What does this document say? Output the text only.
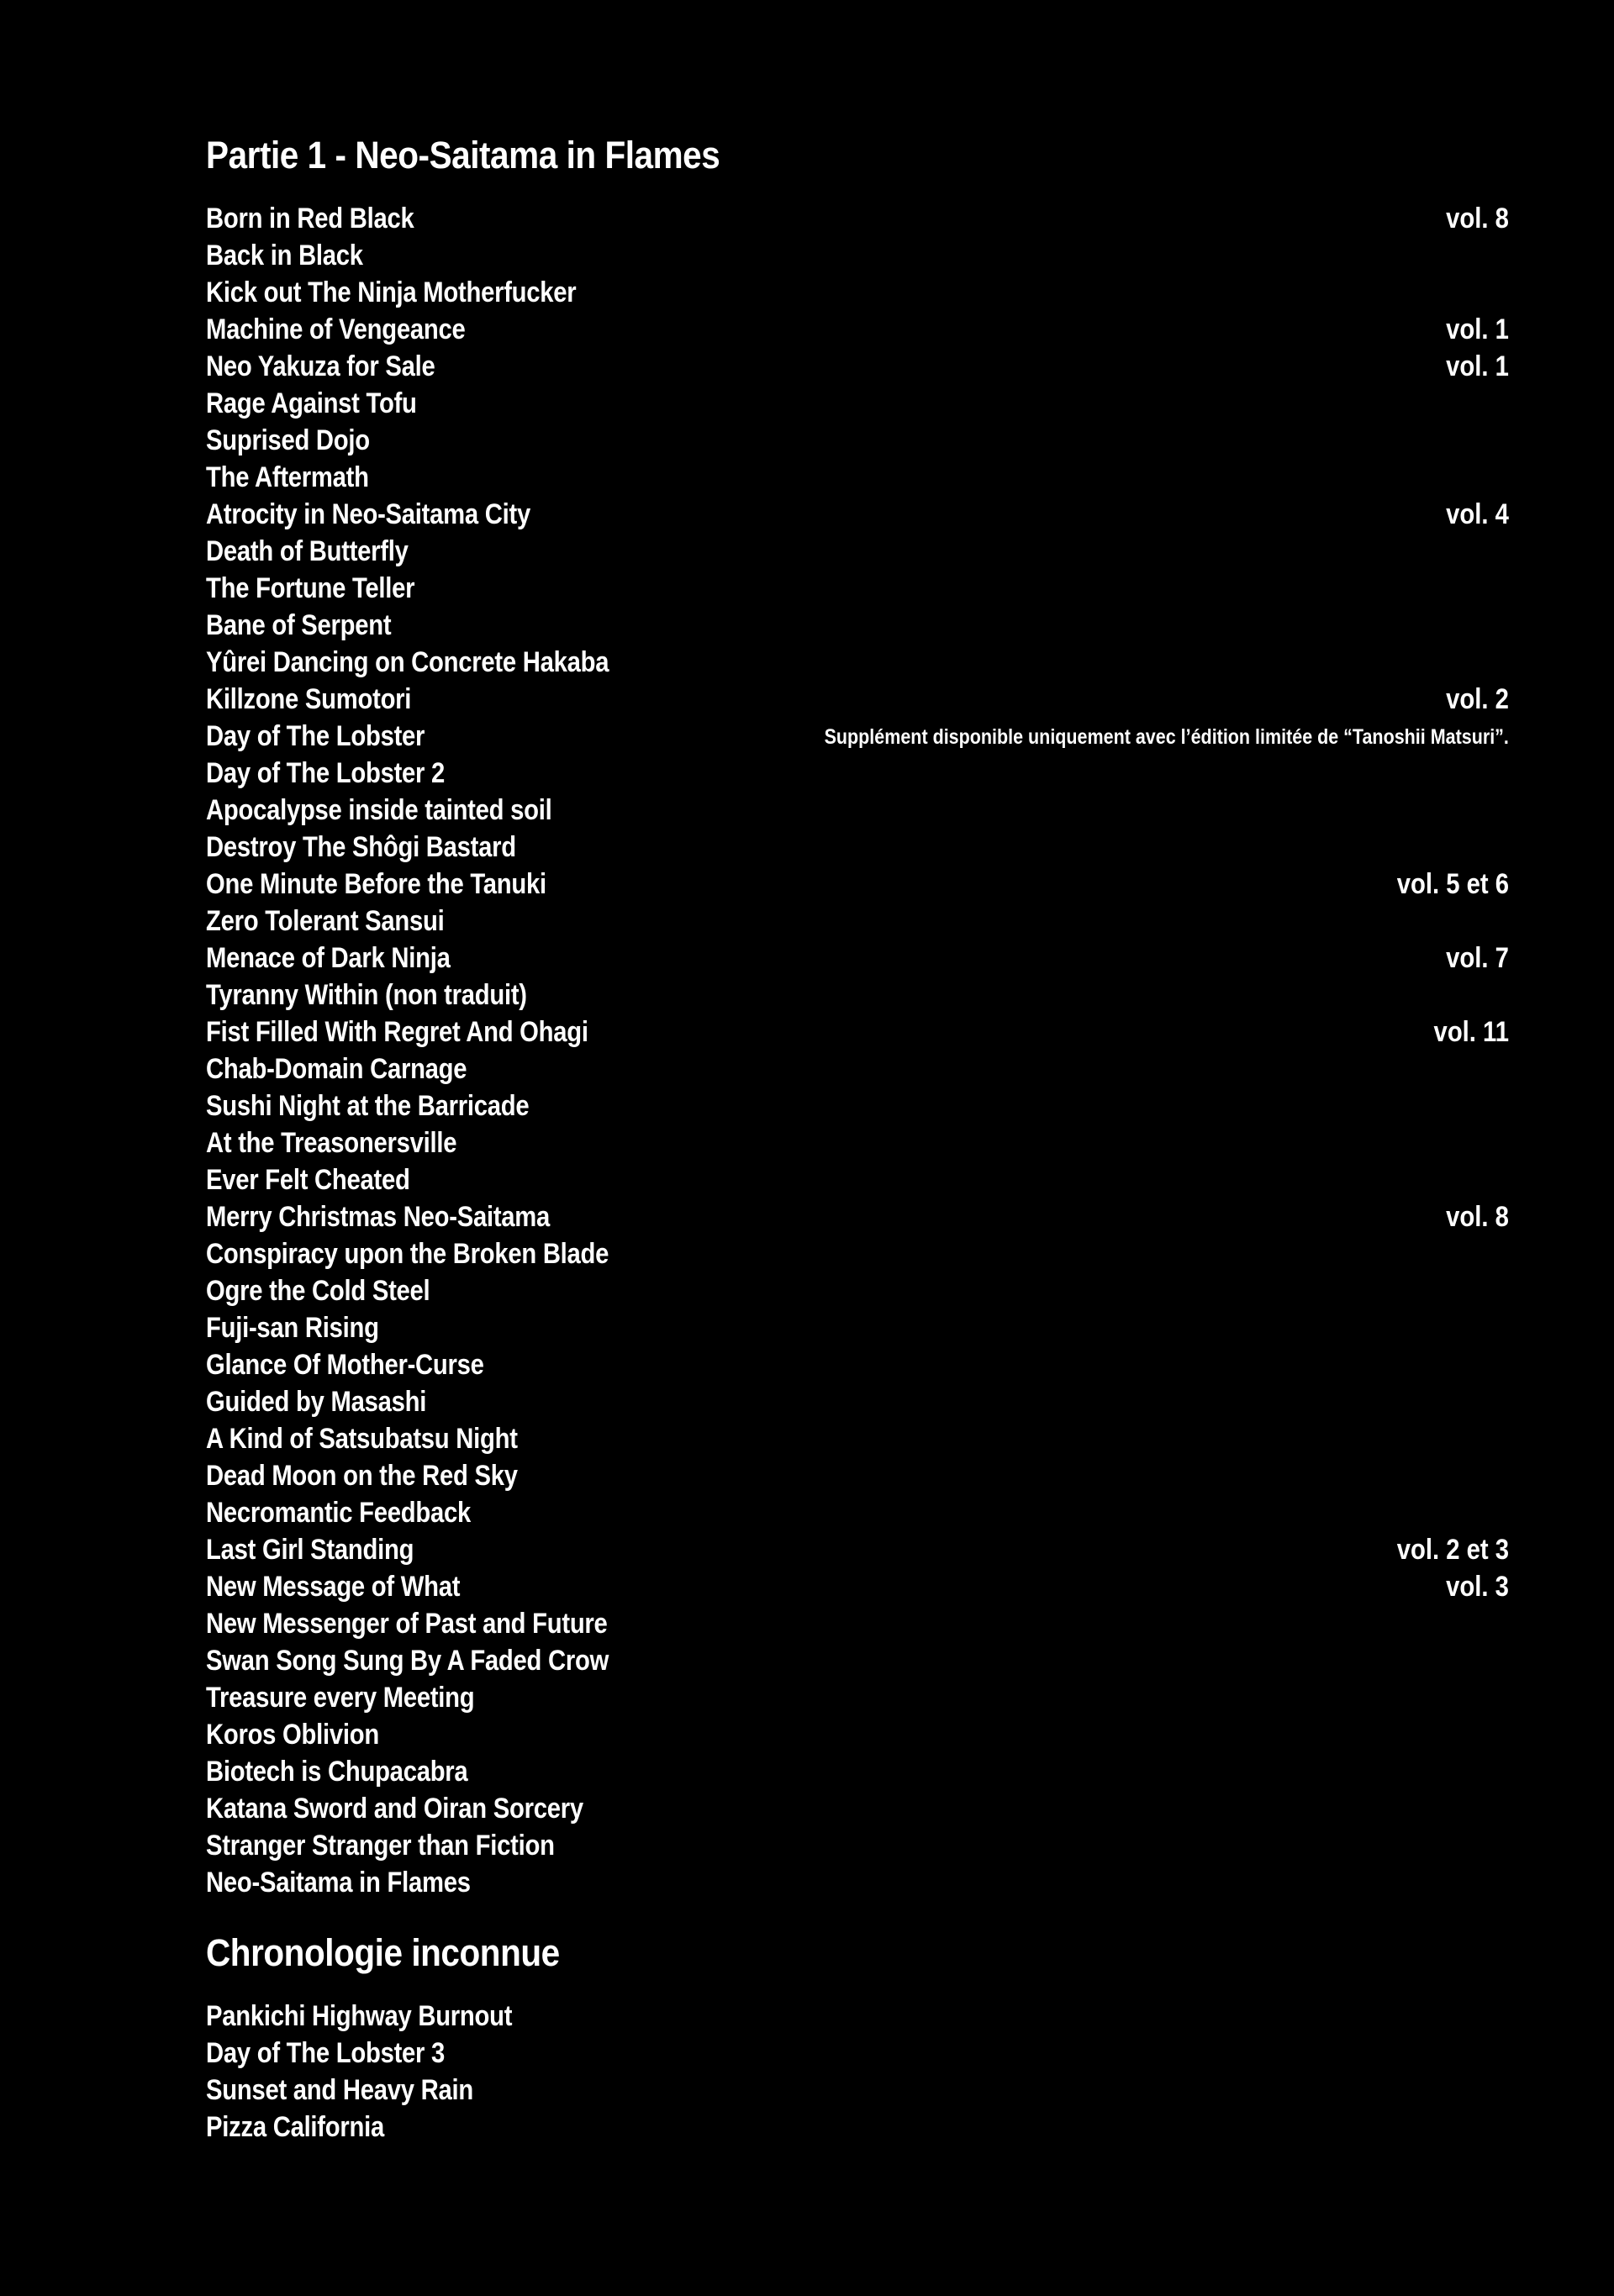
Partie 1 - Neo-Saitama in Flames
Born in Red Black	vol. 8
Back in Black
Kick out The Ninja Motherfucker
Machine of Vengeance	vol. 1
Neo Yakuza for Sale	vol. 1
Rage Against Tofu
Suprised Dojo
The Aftermath
Atrocity in Neo-Saitama City	vol. 4
Death of Butterfly
The Fortune Teller
Bane of Serpent
Yûrei Dancing on Concrete Hakaba
Killzone Sumotori	vol. 2
Day of The Lobster	Supplément disponible uniquement avec l’édition limitée de “Tanoshii Matsuri”.
Day of The Lobster 2
Apocalypse inside tainted soil
Destroy The Shôgi Bastard
One Minute Before the Tanuki	vol. 5 et 6
Zero Tolerant Sansui
Menace of Dark Ninja	vol. 7
Tyranny Within (non traduit)
Fist Filled With Regret And Ohagi	vol. 11
Chab-Domain Carnage
Sushi Night at the Barricade
At the Treasonersville
Ever Felt Cheated
Merry Christmas Neo-Saitama	vol. 8
Conspiracy upon the Broken Blade
Ogre the Cold Steel
Fuji-san Rising
Glance Of Mother-Curse
Guided by Masashi
A Kind of Satsubatsu Night
Dead Moon on the Red Sky
Necromantic Feedback
Last Girl Standing	vol. 2 et 3
New Message of What	vol. 3
New Messenger of Past and Future
Swan Song Sung By A Faded Crow
Treasure every Meeting
Koros Oblivion
Biotech is Chupacabra
Katana Sword and Oiran Sorcery
Stranger Stranger than Fiction
Neo-Saitama in Flames
Chronologie inconnue
Pankichi Highway Burnout
Day of The Lobster 3
Sunset and Heavy Rain
Pizza California
